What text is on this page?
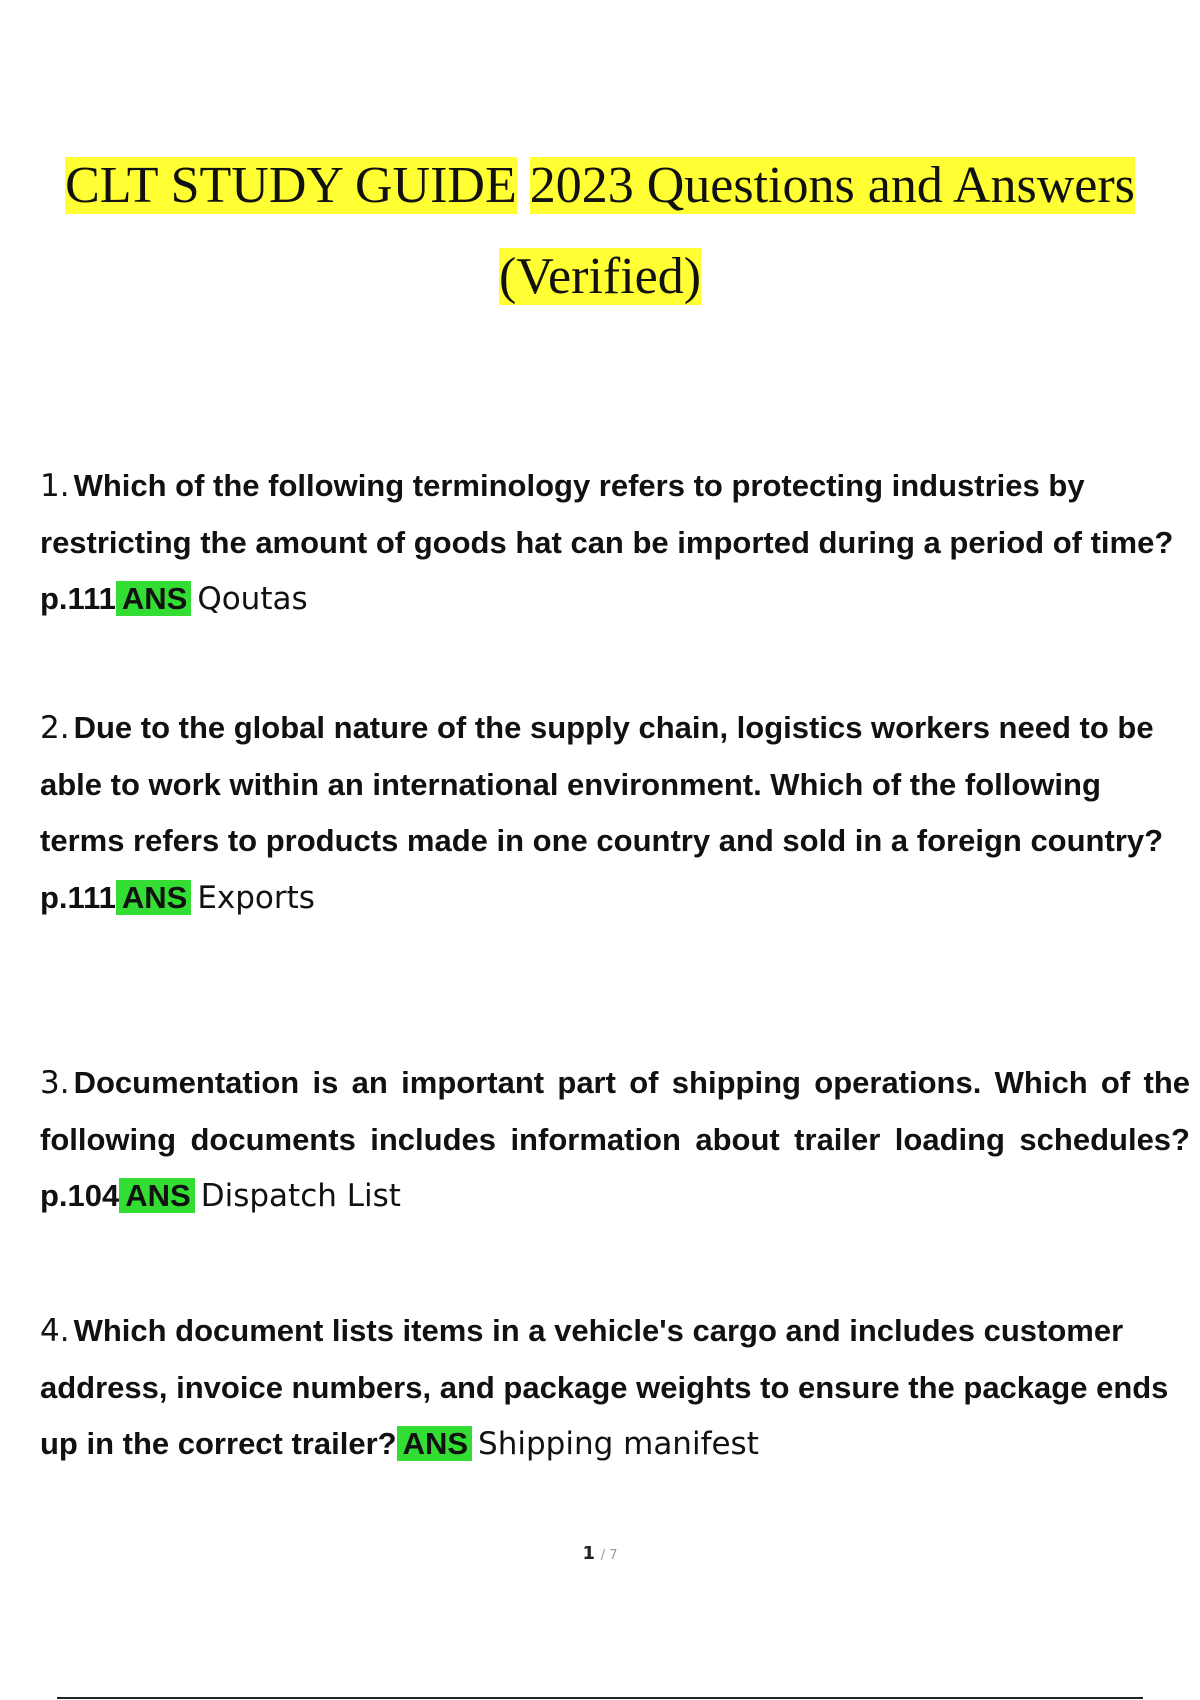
CLT STUDY GUIDE 2023 Questions and Answers
(Verified)

1. Which of the following terminology refers to protecting industries by restricting the amount of goods hat can be imported during a period of time? p.111 ANS Qoutas

2. Due to the global nature of the supply chain, logistics workers need to be able to work within an international environment. Which of the following terms refers to products made in one country and sold in a foreign country? p.111 ANS Exports

3. Documentation is an important part of shipping operations. Which of the following documents includes information about trailer loading schedules? p.104 ANS Dispatch List

4. Which document lists items in a vehicle's cargo and includes customer address, invoice numbers, and package weights to ensure the package ends up in the correct trailer? ANS Shipping manifest

1 / 7
